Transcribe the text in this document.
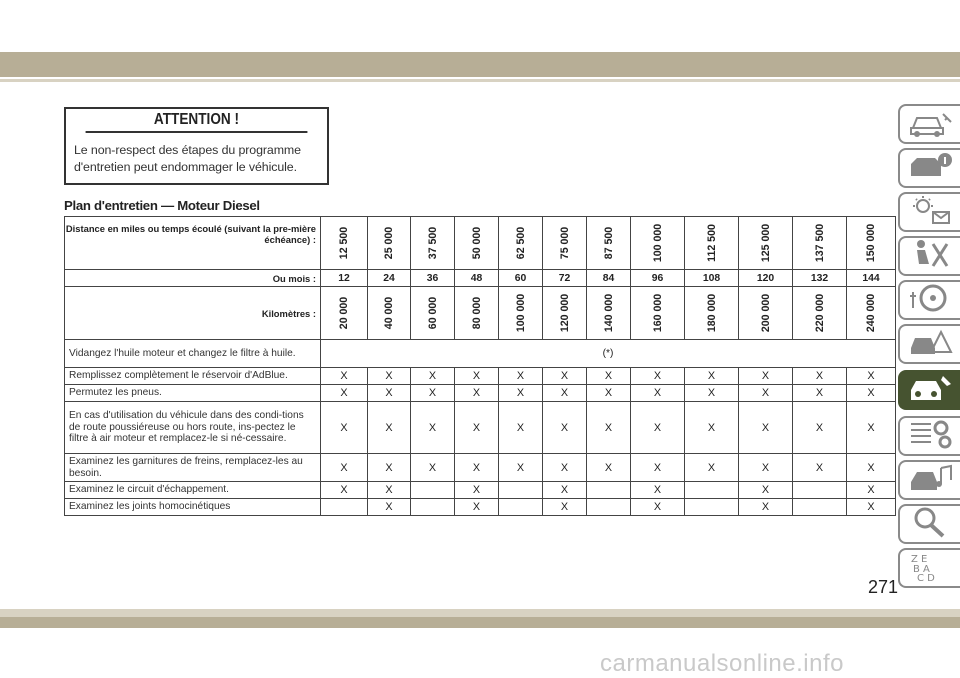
ATTENTION !
Le non-respect des étapes du programme d'entretien peut endommager le véhicule.
Plan d'entretien — Moteur Diesel
Distance en miles ou temps écoulé (suivant la pre-mière échéance) :	12 500	25 000	37 500	50 000	62 500	75 000	87 500	100 000	112 500	125 000	137 500	150 000

Ou mois :	12	24	36	48	60	72	84	96	108	120	132	144
Kilomètres :	20 000	40 000	60 000	80 000	100 000	120 000	140 000	160 000	180 000	200 000	220 000	240 000

Vidangez l'huile moteur et changez le filtre à huile.	(*)											
Remplissez complètement le réservoir d'AdBlue.	X	X	X	X	X	X	X	X	X	X	X	X
Permutez les pneus.	X	X	X	X	X	X	X	X	X	X	X	X
En cas d'utilisation du véhicule dans des condi-tions de route poussiéreuse ou hors route, ins-pectez le filtre à air moteur et remplacez-le si né-cessaire.	X	X	X	X	X	X	X	X	X	X	X	X
Examinez les garnitures de freins, remplacez-les au besoin.	X	X	X	X	X	X	X	X	X	X	X	X
Examinez le circuit d'échappement.	X	X		X		X		X		X		X
Examinez les joints homocinétiques		X		X		X		X		X		X
Z E
B A
C D
271
carmanualsonline.info
